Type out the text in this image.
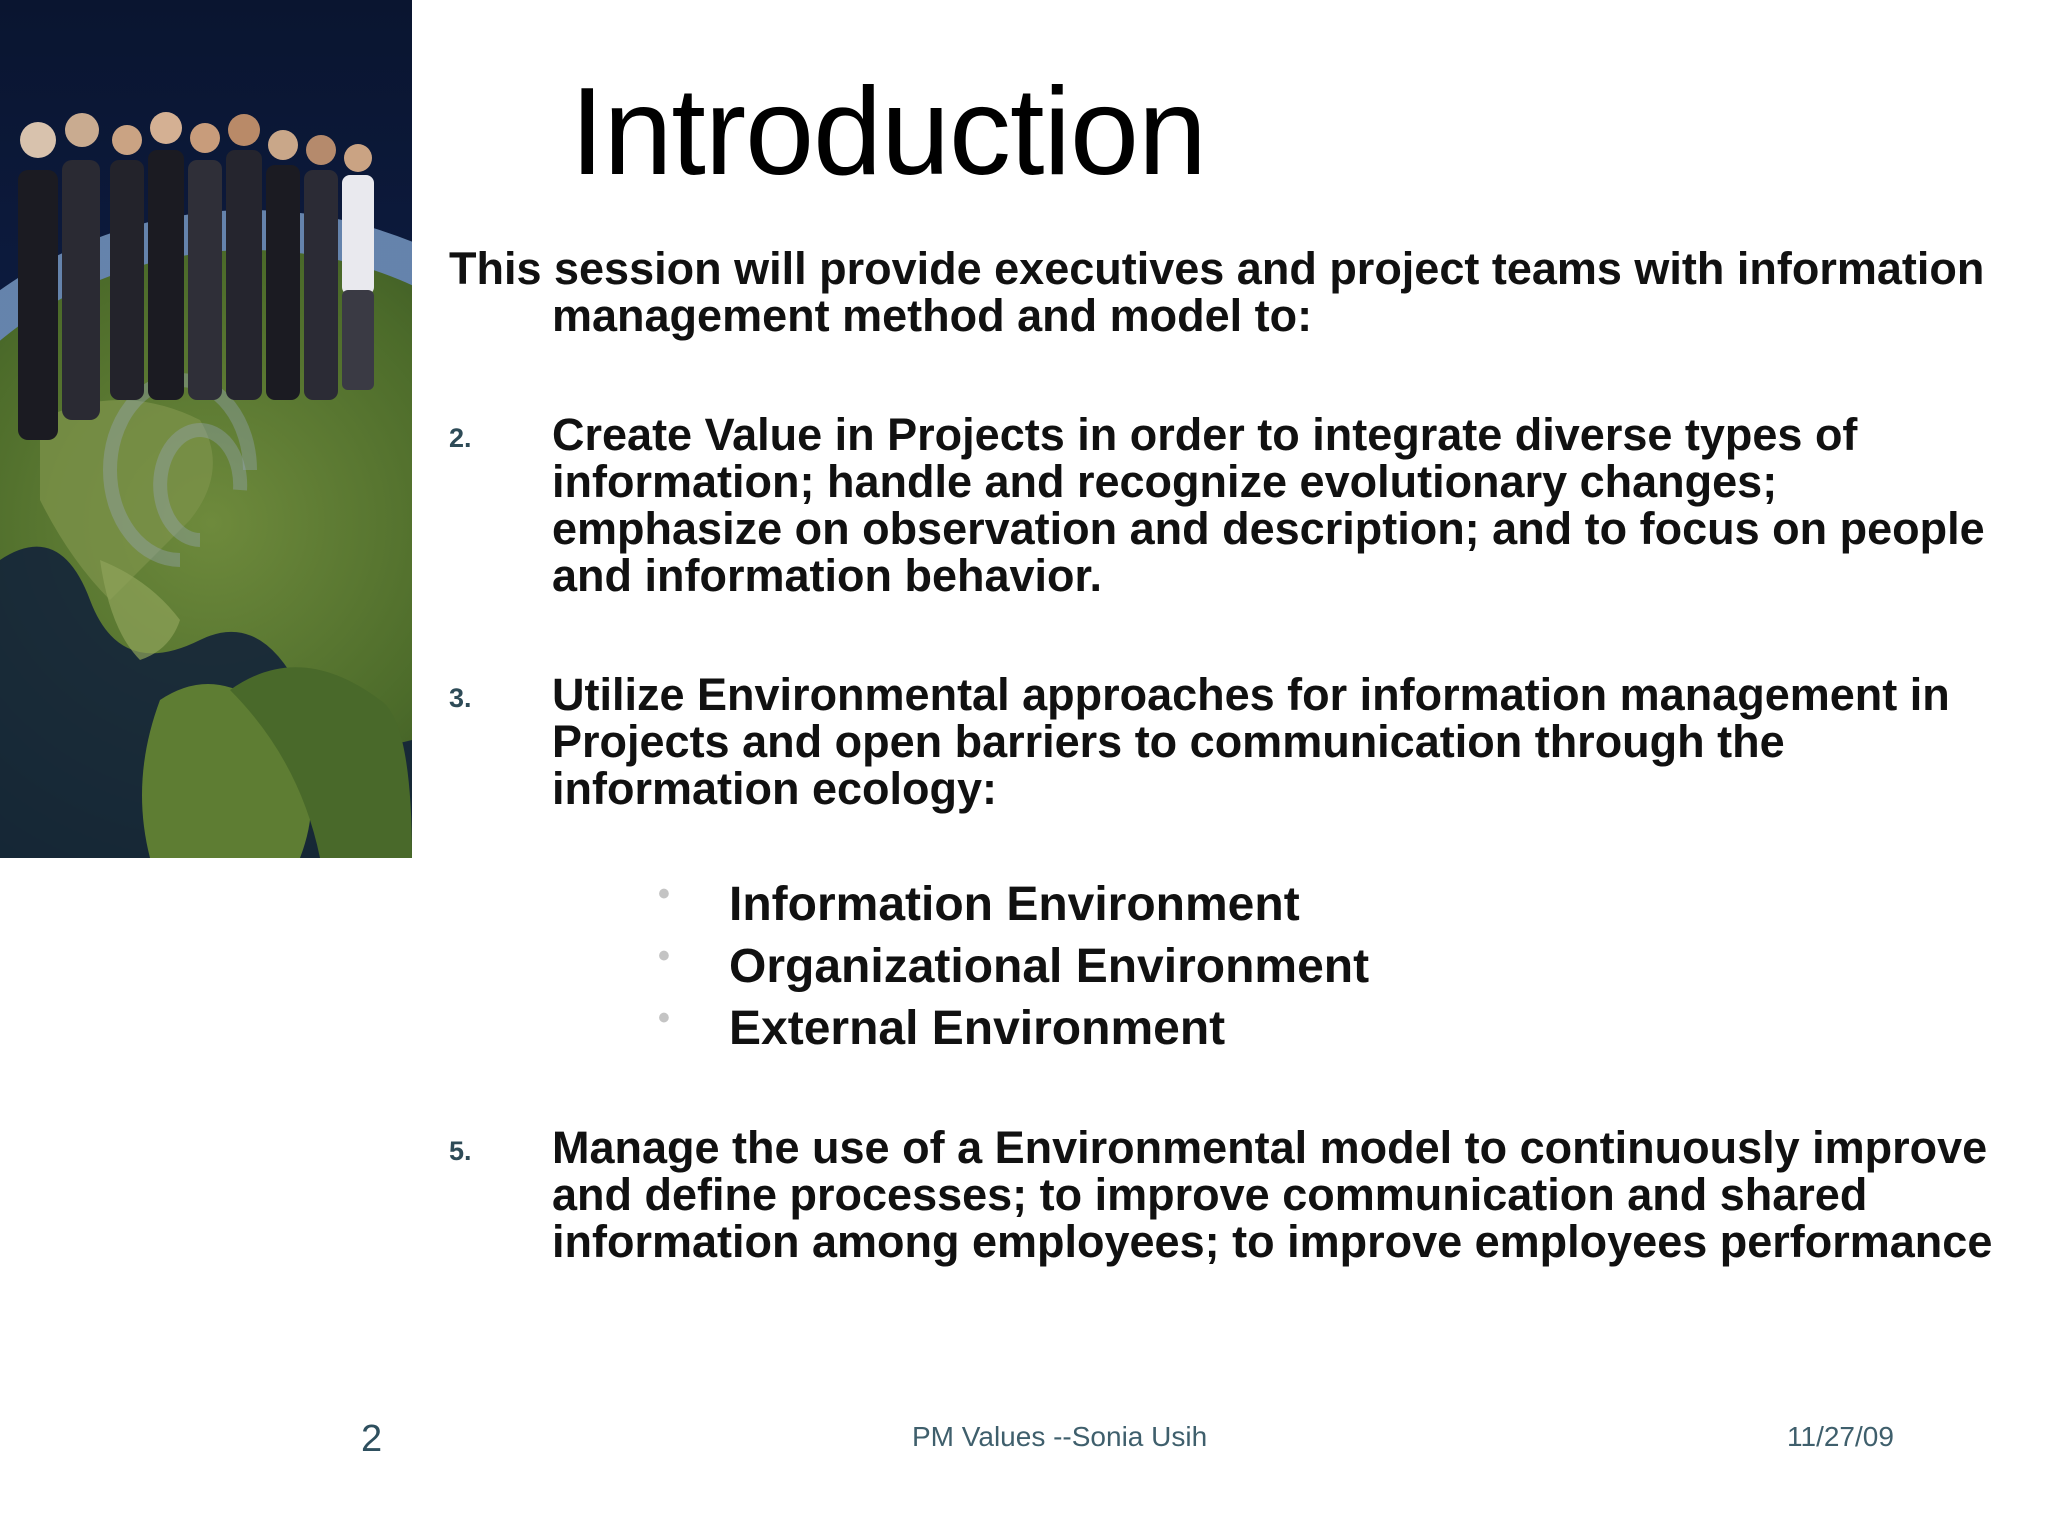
Introduction

This session will provide executives and project teams with information management method and model to:

2. Create Value in Projects in order to integrate diverse types of information; handle and recognize evolutionary changes; emphasize on observation and description; and to focus on people and information behavior.

3. Utilize Environmental approaches for information management in Projects and open barriers to communication through the information ecology:

• Information Environment
• Organizational Environment
• External Environment

5. Manage the use of a Environmental model to continuously improve and define processes; to improve communication and shared information among employees; to improve employees performance

2	PM Values --Sonia Usih	11/27/09
